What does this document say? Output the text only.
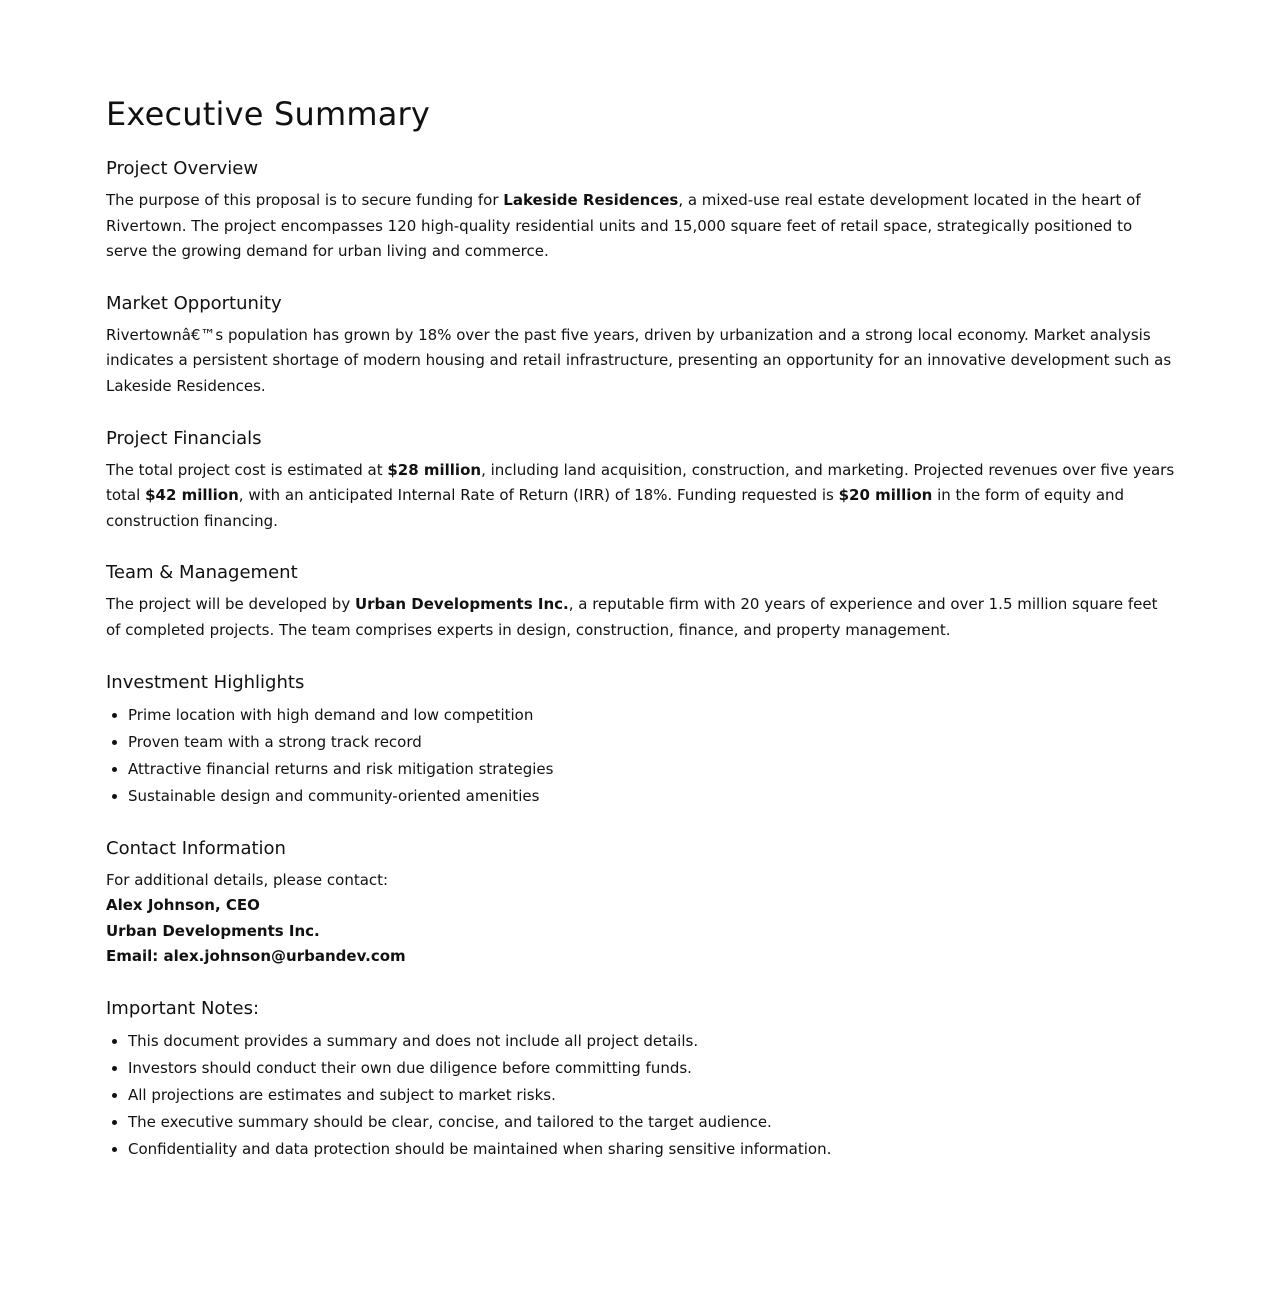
Executive Summary
Project Overview

The purpose of this proposal is to secure funding for Lakeside Residences, a mixed-use real estate development located in the heart of Rivertown. The project encompasses 120 high-quality residential units and 15,000 square feet of retail space, strategically positioned to serve the growing demand for urban living and commerce.

Market Opportunity

Rivertownâ€™s population has grown by 18% over the past five years, driven by urbanization and a strong local economy. Market analysis indicates a persistent shortage of modern housing and retail infrastructure, presenting an opportunity for an innovative development such as Lakeside Residences.

Project Financials

The total project cost is estimated at $28 million, including land acquisition, construction, and marketing. Projected revenues over five years total $42 million, with an anticipated Internal Rate of Return (IRR) of 18%. Funding requested is $20 million in the form of equity and construction financing.

Team & Management

The project will be developed by Urban Developments Inc., a reputable firm with 20 years of experience and over 1.5 million square feet of completed projects. The team comprises experts in design, construction, finance, and property management.

Investment Highlights
• Prime location with high demand and low competition
• Proven team with a strong track record
• Attractive financial returns and risk mitigation strategies
• Sustainable design and community-oriented amenities
Contact Information
For additional details, please contact:
Alex Johnson, CEO
Urban Developments Inc.
Email: alex.johnson@urbandev.com
Important Notes:
• This document provides a summary and does not include all project details.
• Investors should conduct their own due diligence before committing funds.
• All projections are estimates and subject to market risks.
• The executive summary should be clear, concise, and tailored to the target audience.
• Confidentiality and data protection should be maintained when sharing sensitive information.
